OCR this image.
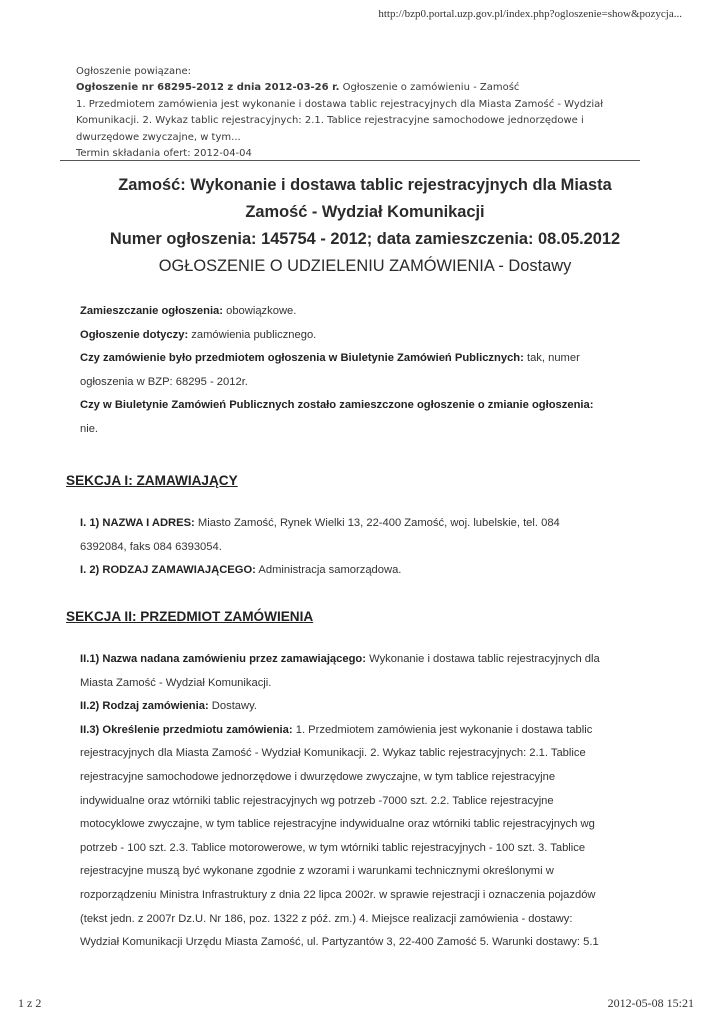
http://bzp0.portal.uzp.gov.pl/index.php?ogloszenie=show&pozycja...
Ogłoszenie powiązane:
Ogłoszenie nr 68295-2012 z dnia 2012-03-26 r. Ogłoszenie o zamówieniu - Zamość
1. Przedmiotem zamówienia jest wykonanie i dostawa tablic rejestracyjnych dla Miasta Zamość - Wydział
Komunikacji. 2. Wykaz tablic rejestracyjnych: 2.1. Tablice rejestracyjne samochodowe jednorzędowe i
dwurzędowe zwyczajne, w tym...
Termin składania ofert: 2012-04-04
Zamość: Wykonanie i dostawa tablic rejestracyjnych dla Miasta
Zamość - Wydział Komunikacji
Numer ogłoszenia: 145754 - 2012; data zamieszczenia: 08.05.2012
OGŁOSZENIE O UDZIELENIU ZAMÓWIENIA - Dostawy

Zamieszczanie ogłoszenia: obowiązkowe.

Ogłoszenie dotyczy: zamówienia publicznego.

Czy zamówienie było przedmiotem ogłoszenia w Biuletynie Zamówień Publicznych: tak, numer

ogłoszenia w BZP: 68295 - 2012r.

Czy w Biuletynie Zamówień Publicznych zostało zamieszczone ogłoszenie o zmianie ogłoszenia:

nie.

SEKCJA I: ZAMAWIAJĄCY

I. 1) NAZWA I ADRES: Miasto Zamość, Rynek Wielki 13, 22-400 Zamość, woj. lubelskie, tel. 084

6392084, faks 084 6393054.

I. 2) RODZAJ ZAMAWIAJĄCEGO: Administracja samorządowa.

SEKCJA II: PRZEDMIOT ZAMÓWIENIA

II.1) Nazwa nadana zamówieniu przez zamawiającego: Wykonanie i dostawa tablic rejestracyjnych dla

Miasta Zamość - Wydział Komunikacji.

II.2) Rodzaj zamówienia: Dostawy.

II.3) Określenie przedmiotu zamówienia: 1. Przedmiotem zamówienia jest wykonanie i dostawa tablic

rejestracyjnych dla Miasta Zamość - Wydział Komunikacji. 2. Wykaz tablic rejestracyjnych: 2.1. Tablice

rejestracyjne samochodowe jednorzędowe i dwurzędowe zwyczajne, w tym tablice rejestracyjne

indywidualne oraz wtórniki tablic rejestracyjnych wg potrzeb -7000 szt. 2.2. Tablice rejestracyjne

motocyklowe zwyczajne, w tym tablice rejestracyjne indywidualne oraz wtórniki tablic rejestracyjnych wg

potrzeb - 100 szt. 2.3. Tablice motorowerowe, w tym wtórniki tablic rejestracyjnych - 100 szt. 3. Tablice

rejestracyjne muszą być wykonane zgodnie z wzorami i warunkami technicznymi określonymi w

rozporządzeniu Ministra Infrastruktury z dnia 22 lipca 2002r. w sprawie rejestracji i oznaczenia pojazdów

(tekst jedn. z 2007r Dz.U. Nr 186, poz. 1322 z póź. zm.) 4. Miejsce realizacji zamówienia - dostawy:

Wydział Komunikacji Urzędu Miasta Zamość, ul. Partyzantów 3, 22-400 Zamość 5. Warunki dostawy: 5.1

1 z 2	2012-05-08 15:21
